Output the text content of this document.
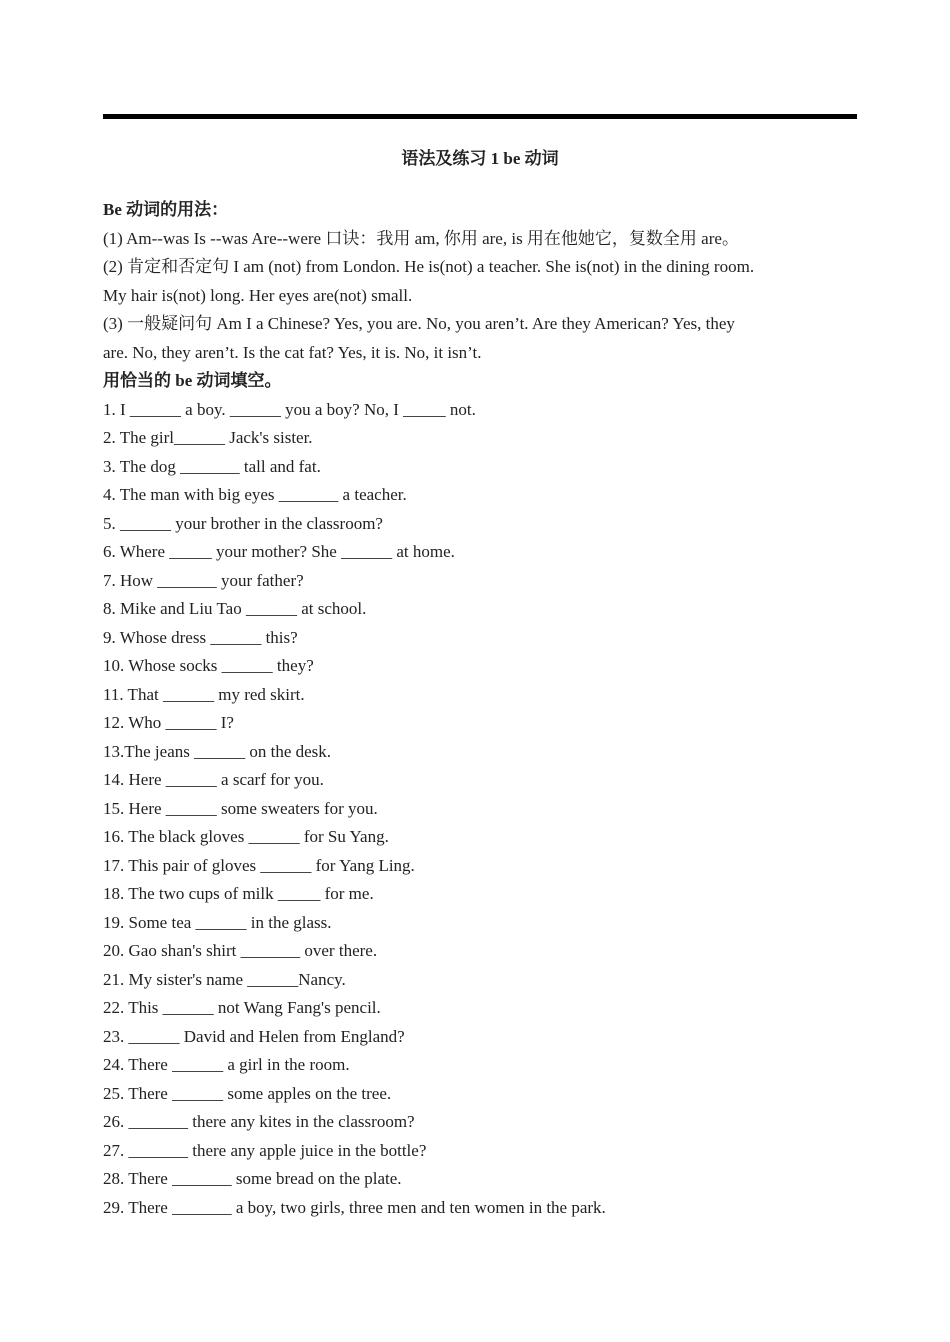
语法及练习 1 be 动词

Be 动词的用法：

(1) Am--was Is --was Are--were 口诀：我用 am, 你用 are, is 用在他她它，复数全用 are。

(2) 肯定和否定句 I am (not) from London. He is(not) a teacher. She is(not) in the dining room.

My hair is(not) long. Her eyes are(not) small.

(3) 一般疑问句 Am I a Chinese? Yes, you are. No, you aren’t. Are they American? Yes, they

are. No, they aren’t. Is the cat fat? Yes, it is. No, it isn’t.

用恰当的 be 动词填空。

1. I ______ a boy. ______ you a boy? No, I _____ not.

2. The girl______ Jack's sister.

3. The dog _______ tall and fat.

4. The man with big eyes _______ a teacher.

5. ______ your brother in the classroom?

6. Where _____ your mother? She ______ at home.

7. How _______ your father?

8. Mike and Liu Tao ______ at school.

9. Whose dress ______ this?

10. Whose socks ______ they?

11. That ______ my red skirt.

12. Who ______ I?

13.The jeans ______ on the desk.

14. Here ______ a scarf for you.

15. Here ______ some sweaters for you.

16. The black gloves ______ for Su Yang.

17. This pair of gloves ______ for Yang Ling.

18. The two cups of milk _____ for me.

19. Some tea ______ in the glass.

20. Gao shan's shirt _______ over there.

21. My sister's name ______Nancy.

22. This ______ not Wang Fang's pencil.

23. ______ David and Helen from England?

24. There ______ a girl in the room.

25. There ______ some apples on the tree.

26. _______ there any kites in the classroom?

27. _______ there any apple juice in the bottle?

28. There _______ some bread on the plate.

29. There _______ a boy, two girls, three men and ten women in the park.
